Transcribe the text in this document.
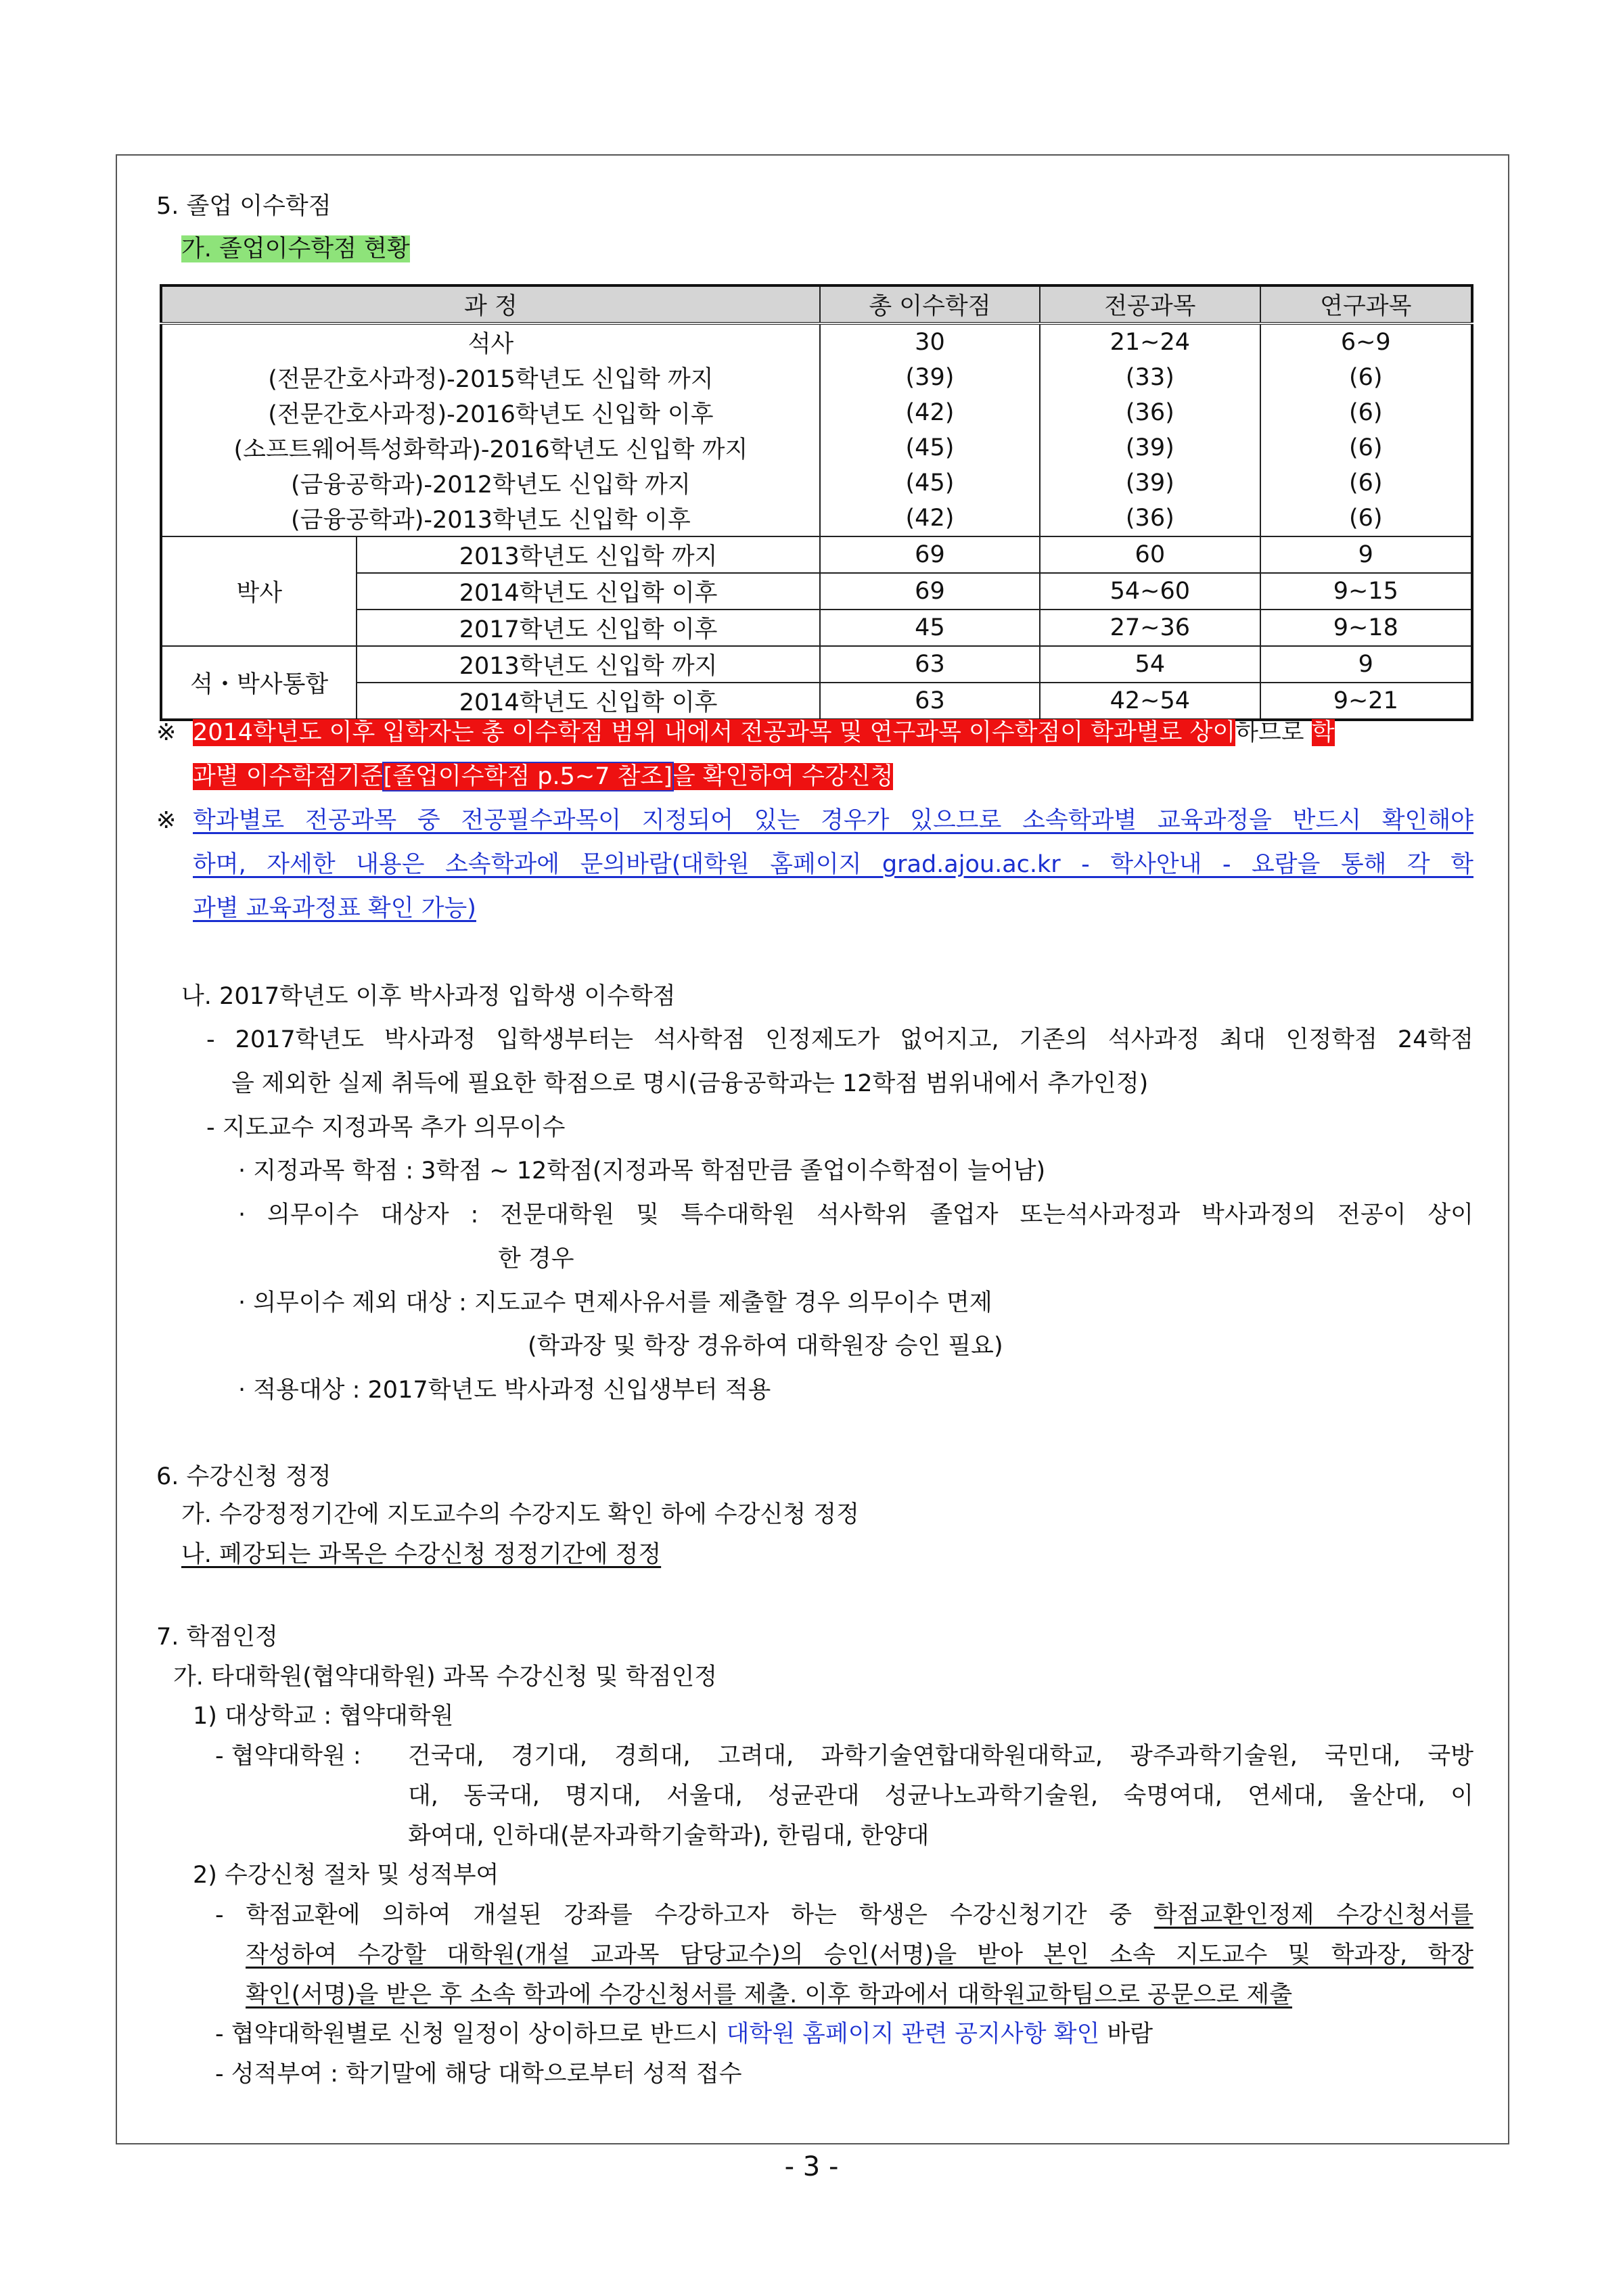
5. 졸업 이수학점
가. 졸업이수학점 현황
과 정		총 이수학점	전공과목	연구과목
석사		30	21~24	6~9
(전문간호사과정)-2015학년도 신입학 까지		(39)	(33)	(6)
(전문간호사과정)-2016학년도 신입학 이후		(42)	(36)	(6)
(소프트웨어특성화학과)-2016학년도 신입학 까지		(45)	(39)	(6)
(금융공학과)-2012학년도 신입학 까지		(45)	(39)	(6)
(금융공학과)-2013학년도 신입학 이후		(42)	(36)	(6)
박사	2013학년도 신입학 까지	69	60	9
	2014학년도 신입학 이후	69	54~60	9~15
	2017학년도 신입학 이후	45	27~36	9~18
석・박사통합	2013학년도 신입학 까지	63	54	9
	2014학년도 신입학 이후	63	42~54	9~21
※ 2014학년도 이후 입학자는 총 이수학점 범위 내에서 전공과목 및 연구과목 이수학점이 학과별로 상이하므로 학
과별 이수학점기준[졸업이수학점 p.5~7 참조]을 확인하여 수강신청
※ 학과별로 전공과목 중 전공필수과목이 지정되어 있는 경우가 있으므로 소속학과별 교육과정을 반드시 확인해야
하며, 자세한 내용은 소속학과에 문의바람(대학원 홈페이지 grad.ajou.ac.kr - 학사안내 - 요람을 통해 각 학
과별 교육과정표 확인 가능)
나. 2017학년도 이후 박사과정 입학생 이수학점
- 2017학년도 박사과정 입학생부터는 석사학점 인정제도가 없어지고, 기존의 석사과정 최대 인정학점 24학점
을 제외한 실제 취득에 필요한 학점으로 명시(금융공학과는 12학점 범위내에서 추가인정)
- 지도교수 지정과목 추가 의무이수
· 지정과목 학점 : 3학점 ~ 12학점(지정과목 학점만큼 졸업이수학점이 늘어남)
· 의무이수 대상자 : 전문대학원 및 특수대학원 석사학위 졸업자 또는석사과정과 박사과정의 전공이 상이
한 경우
· 의무이수 제외 대상 : 지도교수 면제사유서를 제출할 경우 의무이수 면제
(학과장 및 학장 경유하여 대학원장 승인 필요)
· 적용대상 : 2017학년도 박사과정 신입생부터 적용
6. 수강신청 정정
가. 수강정정기간에 지도교수의 수강지도 확인 하에 수강신청 정정
나. 폐강되는 과목은 수강신청 정정기간에 정정
7. 학점인정
가. 타대학원(협약대학원) 과목 수강신청 및 학점인정
1) 대상학교 : 협약대학원
- 협약대학원 : 건국대, 경기대, 경희대, 고려대, 과학기술연합대학원대학교, 광주과학기술원, 국민대, 국방
대, 동국대, 명지대, 서울대, 성균관대 성균나노과학기술원, 숙명여대, 연세대, 울산대, 이
화여대, 인하대(분자과학기술학과), 한림대, 한양대
2) 수강신청 절차 및 성적부여
- 학점교환에 의하여 개설된 강좌를 수강하고자 하는 학생은 수강신청기간 중 학점교환인정제 수강신청서를
작성하여 수강할 대학원(개설 교과목 담당교수)의 승인(서명)을 받아 본인 소속 지도교수 및 학과장, 학장
확인(서명)을 받은 후 소속 학과에 수강신청서를 제출. 이후 학과에서 대학원교학팀으로 공문으로 제출
- 협약대학원별로 신청 일정이 상이하므로 반드시 대학원 홈페이지 관련 공지사항 확인 바람
- 성적부여 : 학기말에 해당 대학으로부터 성적 접수
- 3 -
